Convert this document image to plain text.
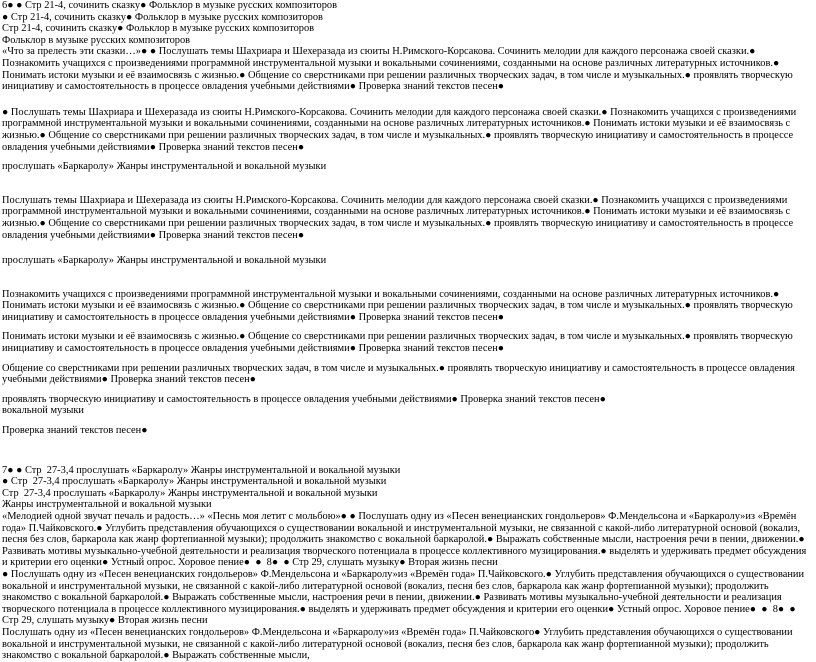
6● ● Стр 21-4, сочинить сказку● Фольклор в музыке русских композиторов
● Стр 21-4, сочинить сказку● Фольклор в музыке русских композиторов
Стр 21-4, сочинить сказку● Фольклор в музыке русских композиторов
Фольклор в музыке русских композиторов
«Что за прелесть эти сказки…»● ● Послушать темы Шахриара и Шехеразада из сюиты Н.Римского-Корсакова. Сочинить мелодии для каждого персонажа своей сказки.● Познакомить учащихся с произведениями программной инструментальной музыки и вокальными сочинениями, созданными на основе различных литературных источников.● Понимать истоки музыки и её взаимосвязь с жизнью.● Общение со сверстниками при решении различных творческих задач, в том числе и музыкальных.● проявлять творческую инициативу и самостоятельность в процессе овладения учебными действиями● Проверка знаний текстов песен●
● Послушать темы Шахриара и Шехеразада из сюиты Н.Римского-Корсакова. Сочинить мелодии для каждого персонажа своей сказки.● Познакомить учащихся с произведениями программной инструментальной музыки и вокальными сочинениями, созданными на основе различных литературных источников.● Понимать истоки музыки и её взаимосвязь с жизнью.● Общение со сверстниками при решении различных творческих задач, в том числе и музыкальных.● проявлять творческую инициативу и самостоятельность в процессе овладения учебными действиями● Проверка знаний текстов песен●
прослушать «Баркаролу» Жанры инструментальной и вокальной музыки
Послушать темы Шахриара и Шехеразада из сюиты Н.Римского-Корсакова. Сочинить мелодии для каждого персонажа своей сказки.● Познакомить учащихся с произведениями программной инструментальной музыки и вокальными сочинениями, созданными на основе различных литературных источников.● Понимать истоки музыки и её взаимосвязь с жизнью.● Общение со сверстниками при решении различных творческих задач, в том числе и музыкальных.● проявлять творческую инициативу и самостоятельность в процессе овладения учебными действиями● Проверка знаний текстов песен●
прослушать «Баркаролу» Жанры инструментальной и вокальной музыки
Познакомить учащихся с произведениями программной инструментальной музыки и вокальными сочинениями, созданными на основе различных литературных источников.● Понимать истоки музыки и её взаимосвязь с жизнью.● Общение со сверстниками при решении различных творческих задач, в том числе и музыкальных.● проявлять творческую инициативу и самостоятельность в процессе овладения учебными действиями● Проверка знаний текстов песен●
Понимать истоки музыки и её взаимосвязь с жизнью.● Общение со сверстниками при решении различных творческих задач, в том числе и музыкальных.● проявлять творческую инициативу и самостоятельность в процессе овладения учебными действиями● Проверка знаний текстов песен●
Общение со сверстниками при решении различных творческих задач, в том числе и музыкальных.● проявлять творческую инициативу и самостоятельность в процессе овладения учебными действиями● Проверка знаний текстов песен●
проявлять творческую инициативу и самостоятельность в процессе овладения учебными действиями● Проверка знаний текстов песен●
вокальной музыки
Проверка знаний текстов песен●
7● ● Стр  27-3,4 прослушать «Баркаролу» Жанры инструментальной и вокальной музыки
● Стр  27-3,4 прослушать «Баркаролу» Жанры инструментальной и вокальной музыки
Стр  27-3,4 прослушать «Баркаролу» Жанры инструментальной и вокальной музыки
Жанры инструментальной и вокальной музыки
«Мелодией одной звучат печаль и радость…» «Песнь моя летит с мольбою»● ● Послушать одну из «Песен венецианских гондольеров» Ф.Мендельсона и «Баркаролу»из «Времён года» П.Чайковского.● Углубить представления обучающихся о существовании вокальной и инструментальной музыки, не связанной с какой-либо литературной основой (вокализ, песня без слов, баркарола как жанр фортепианной музыки); продолжить знакомство с вокальной баркаролой.● Выражать собственные мысли, настроения речи в пении, движении.● Развивать мотивы музыкально-учебной деятельности и реализация творческого потенциала в процессе коллективного музицирования.● выделять и удерживать предмет обсуждения и критерии его оценки● Устный опрос. Хоровое пение●  ●  8●  ● Стр 29, слушать музыку● Вторая жизнь песни
● Послушать одну из «Песен венецианских гондольеров» Ф.Мендельсона и «Баркаролу»из «Времён года» П.Чайковского.● Углубить представления обучающихся о существовании вокальной и инструментальной музыки, не связанной с какой-либо литературной основой (вокализ, песня без слов, баркарола как жанр фортепианной музыки); продолжить знакомство с вокальной баркаролой.● Выражать собственные мысли, настроения речи в пении, движении.● Развивать мотивы музыкально-учебной деятельности и реализация творческого потенциала в процессе коллективного музицирования.● выделять и удерживать предмет обсуждения и критерии его оценки● Устный опрос. Хоровое пение●  ●  8●  ● Стр 29, слушать музыку● Вторая жизнь песни
Послушать одну из «Песен венецианских гондольеров» Ф.Мендельсона и «Баркаролу»из «Времён года» П.Чайковского● Углубить представления обучающихся о существовании вокальной и инструментальной музыки, не связанной с какой-либо литературной основой (вокализ, песня без слов, баркарола как жанр фортепианной музыки); продолжить знакомство с вокальной баркаролой.● Выражать собственные мысли,
